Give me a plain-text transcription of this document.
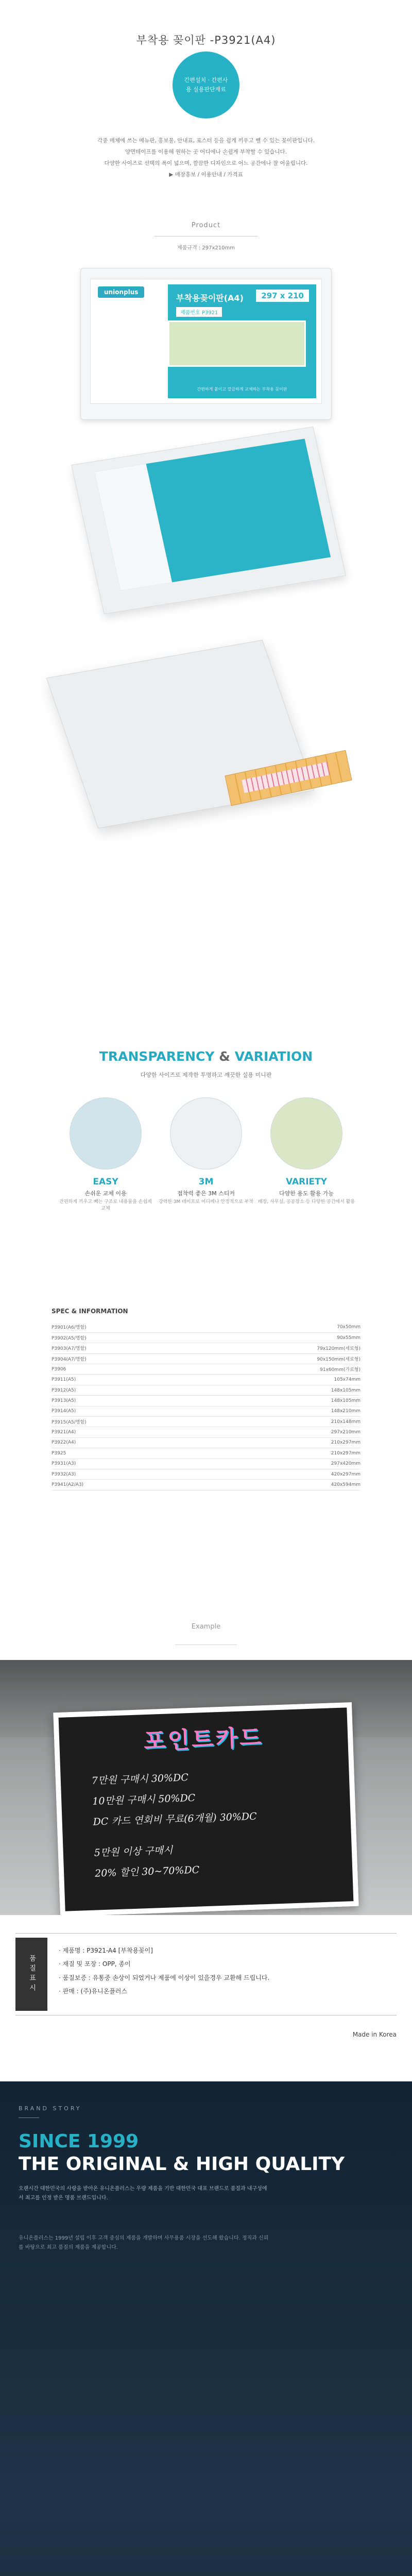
부착용 꽂이판 -P3921(A4)
간편설치 · 간편사용 실용판단재료
각종 매체에 쓰는 메뉴판, 홍보물, 안내표, 포스터 등을 쉽게 끼우고 뺄 수 있는 꽂이판입니다.
양면테이프를 이용해 원하는 곳 어디에나 손쉽게 부착할 수 있습니다.
다양한 사이즈로 선택의 폭이 넓으며, 깔끔한 디자인으로 어느 공간에나 잘 어울립니다.
▶ 매장홍보 / 이용안내 / 가격표
Product
제품규격 : 297x210mm
unionplus
부착용꽂이판(A4)	297 x 210
제품번호 P3921
간편하게 붙이고 깔끔하게 교체하는 부착용 꽂이판
TRANSPARENCY & VARIATION
다양한 사이즈로 제작한 투명하고 깨끗한 실용 미니판
EASY
손쉬운 교체 이용
간편하게 끼우고 빼는 구조로 내용물을 손쉽게 교체
3M
접착력 좋은 3M 스티커
강력한 3M 테이프로 어디에나 안정적으로 부착
VARIETY
다양한 용도 활용 가능
매장, 사무실, 공공장소 등 다양한 공간에서 활용
SPEC & INFORMATION
P3901(A6/명함)	70x50mm
P3902(A5/명함)	90x55mm
P3903(A7/명함)	79x120mm(세로형)
P3904(A7/명함)	90x150mm(세로형)
P3906	91x60mm(가로형)
P3911(A5)	105x74mm
P3912(A5)	148x105mm
P3913(A5)	148x105mm
P3914(A5)	148x210mm
P3915(A5/명함)	210x148mm
P3921(A4)	297x210mm
P3922(A4)	210x297mm
P3925	210x297mm
P3931(A3)	297x420mm
P3932(A3)	420x297mm
P3941(A2/A3)	420x594mm
Example
포인트카드
7만원 구매시 30%DC
10만원 구매시 50%DC
DC 카드 연회비 무료(6개월) 30%DC
5만원 이상 구매시
20% 할인 30~70%DC
품질표시
· 제품명 : P3921-A4 [부착용꽂이]
· 재질 및 포장 : OPP, 종이
· 품질보증 : 유통중 손상이 되었거나 제품에 이상이 있을경우 교환해 드립니다.
· 판매 : (주)유니온플러스
Made in Korea
BRAND STORY
SINCE 1999
THE ORIGINAL & HIGH QUALITY
오랜시간 대한민국의 사랑을 받아온 유니온플러스는 우량 제품을 기반 대한민국 대표 브랜드로 품질과 내구성에서 최고를 인정 받은 명품 브랜드입니다.
유니온플러스는 1999년 설립 이후 고객 중심의 제품을 개발하며 사무용품 시장을 선도해 왔습니다. 정직과 신뢰를 바탕으로 최고 품질의 제품을 제공합니다.
